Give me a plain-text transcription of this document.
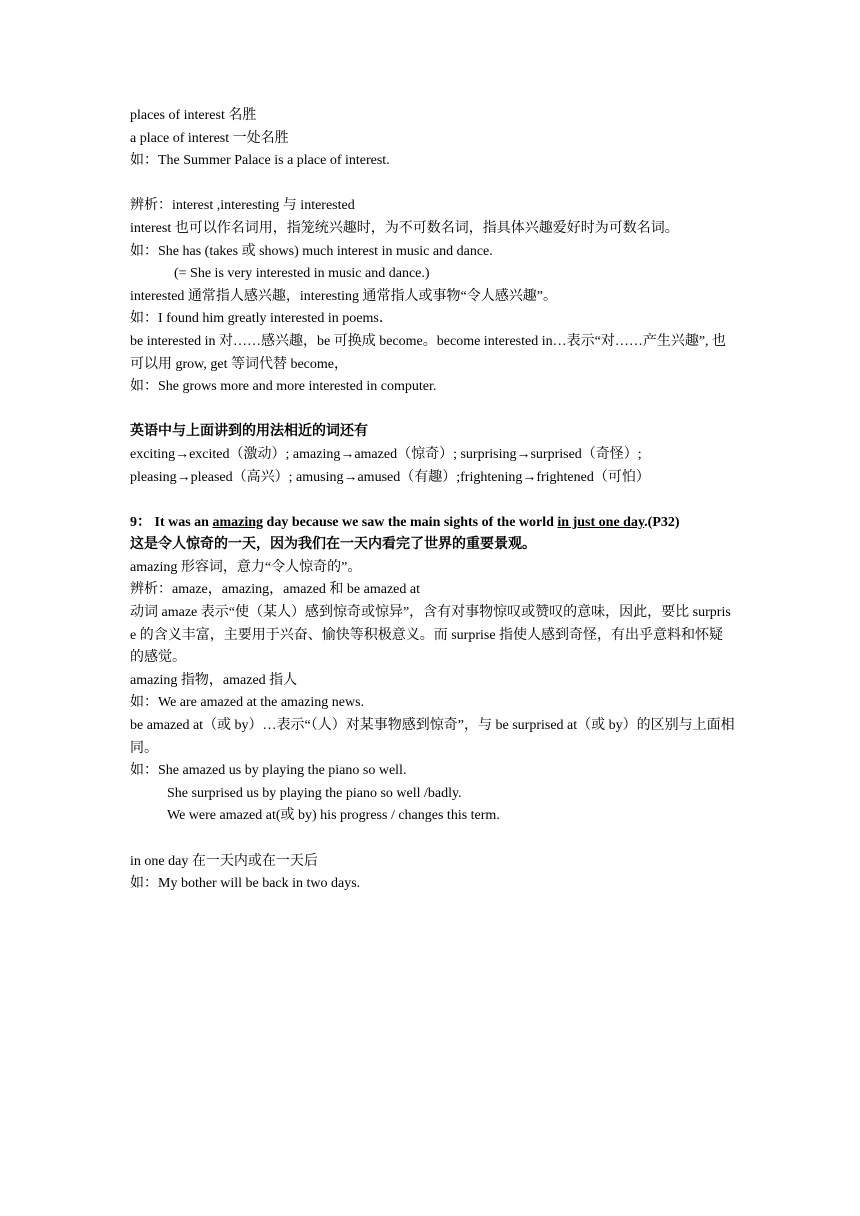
places of interest 名胜

a place of interest 一处名胜

如：The Summer Palace is a place of interest.

辨析：interest ,interesting 与 interested

interest 也可以作名词用，指笼统兴趣时，为不可数名词，指具体兴趣爱好时为可数名词。

如：She has (takes 或 shows) much interest in music and dance.

(= She is very interested in music and dance.)

interested 通常指人感兴趣，interesting 通常指人或事物“令人感兴趣”。

如：I found him greatly interested in poems．

be interested in 对……感兴趣，be 可换成 become。become interested in…表示“对……产生兴趣”, 也可以用 grow, get 等词代替 become，

如：She grows more and more interested in computer.

英语中与上面讲到的用法相近的词还有

exciting→excited（激动）; amazing→amazed（惊奇）; surprising→surprised（奇怪）;

pleasing→pleased（高兴）; amusing→amused（有趣）;frightening→frightened（可怕）

9： It was an amazing day because we saw the main sights of the world in just one day.(P32)

这是令人惊奇的一天，因为我们在一天内看完了世界的重要景观。

amazing 形容词，意力“令人惊奇的”。

辨析：amaze，amazing，amazed 和 be amazed at

动词 amaze 表示“使（某人）感到惊奇或惊异”，含有对事物惊叹或赞叹的意味，因此，要比 surprise 的含义丰富，主要用于兴奋、愉快等积极意义。而 surprise 指使人感到奇怪，有出乎意料和怀疑的感觉。

amazing 指物，amazed 指人

如：We are amazed at the amazing news.

be amazed at（或 by）…表示“（人）对某事物感到惊奇”，与 be surprised at（或 by）的区别与上面相同。

如：She amazed us by playing the piano so well.

She surprised us by playing the piano so well /badly.

We were amazed at(或 by) his progress / changes this term.

in one day 在一天内或在一天后

如：My bother will be back in two days.
